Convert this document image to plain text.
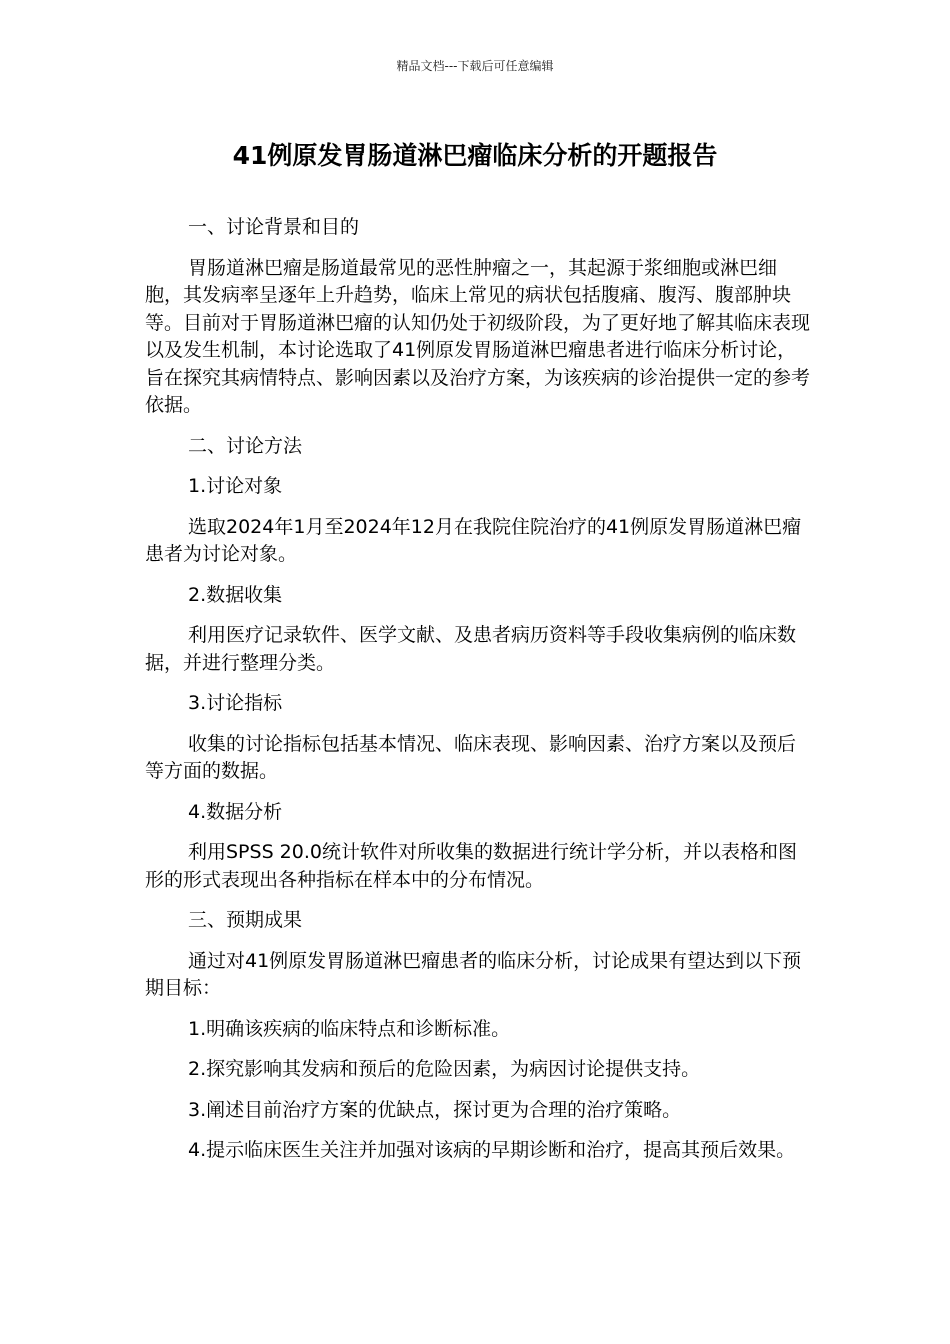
精品文档---下载后可任意编辑
41例原发胃肠道淋巴瘤临床分析的开题报告

一、讨论背景和目的

胃肠道淋巴瘤是肠道最常见的恶性肿瘤之一，其起源于浆细胞或淋巴细胞，其发病率呈逐年上升趋势，临床上常见的病状包括腹痛、腹泻、腹部肿块等。目前对于胃肠道淋巴瘤的认知仍处于初级阶段，为了更好地了解其临床表现以及发生机制，本讨论选取了41例原发胃肠道淋巴瘤患者进行临床分析讨论，旨在探究其病情特点、影响因素以及治疗方案，为该疾病的诊治提供一定的参考依据。

二、讨论方法

1.讨论对象

选取2024年1月至2024年12月在我院住院治疗的41例原发胃肠道淋巴瘤患者为讨论对象。

2.数据收集

利用医疗记录软件、医学文献、及患者病历资料等手段收集病例的临床数据，并进行整理分类。

3.讨论指标

收集的讨论指标包括基本情况、临床表现、影响因素、治疗方案以及预后等方面的数据。

4.数据分析

利用SPSS 20.0统计软件对所收集的数据进行统计学分析，并以表格和图形的形式表现出各种指标在样本中的分布情况。

三、预期成果

通过对41例原发胃肠道淋巴瘤患者的临床分析，讨论成果有望达到以下预期目标：

1.明确该疾病的临床特点和诊断标准。

2.探究影响其发病和预后的危险因素，为病因讨论提供支持。

3.阐述目前治疗方案的优缺点，探讨更为合理的治疗策略。

4.提示临床医生关注并加强对该病的早期诊断和治疗，提高其预后效果。
